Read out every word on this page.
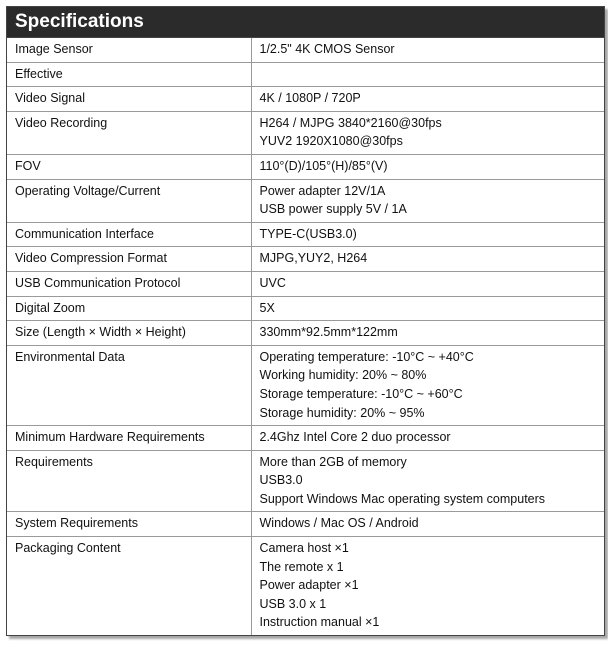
Specifications
Image Sensor	1/2.5" 4K CMOS Sensor

Effective	

Video Signal	4K / 1080P / 720P

Video Recording	H264 / MJPG 3840*2160@30fps
YUV2 1920X1080@30fps

FOV	110°(D)/105°(H)/85°(V)

Operating Voltage/Current	Power adapter 12V/1A
USB power supply 5V / 1A

Communication Interface	TYPE-C(USB3.0)

Video Compression Format	MJPG,YUY2, H264

USB Communication Protocol	UVC

Digital Zoom	5X

Size (Length × Width × Height)	330mm*92.5mm*122mm

Environmental Data	Operating temperature: -10°C ~ +40°C
Working humidity: 20% ~ 80%
Storage temperature: -10°C ~ +60°C
Storage humidity: 20% ~ 95%

Minimum Hardware Requirements	2.4Ghz Intel Core 2 duo processor

Requirements	More than 2GB of memory
USB3.0
Support Windows Mac operating system computers

System Requirements	Windows / Mac OS / Android

Packaging Content	Camera host ×1
The remote x 1
Power adapter ×1
USB 3.0 x 1
Instruction manual ×1
